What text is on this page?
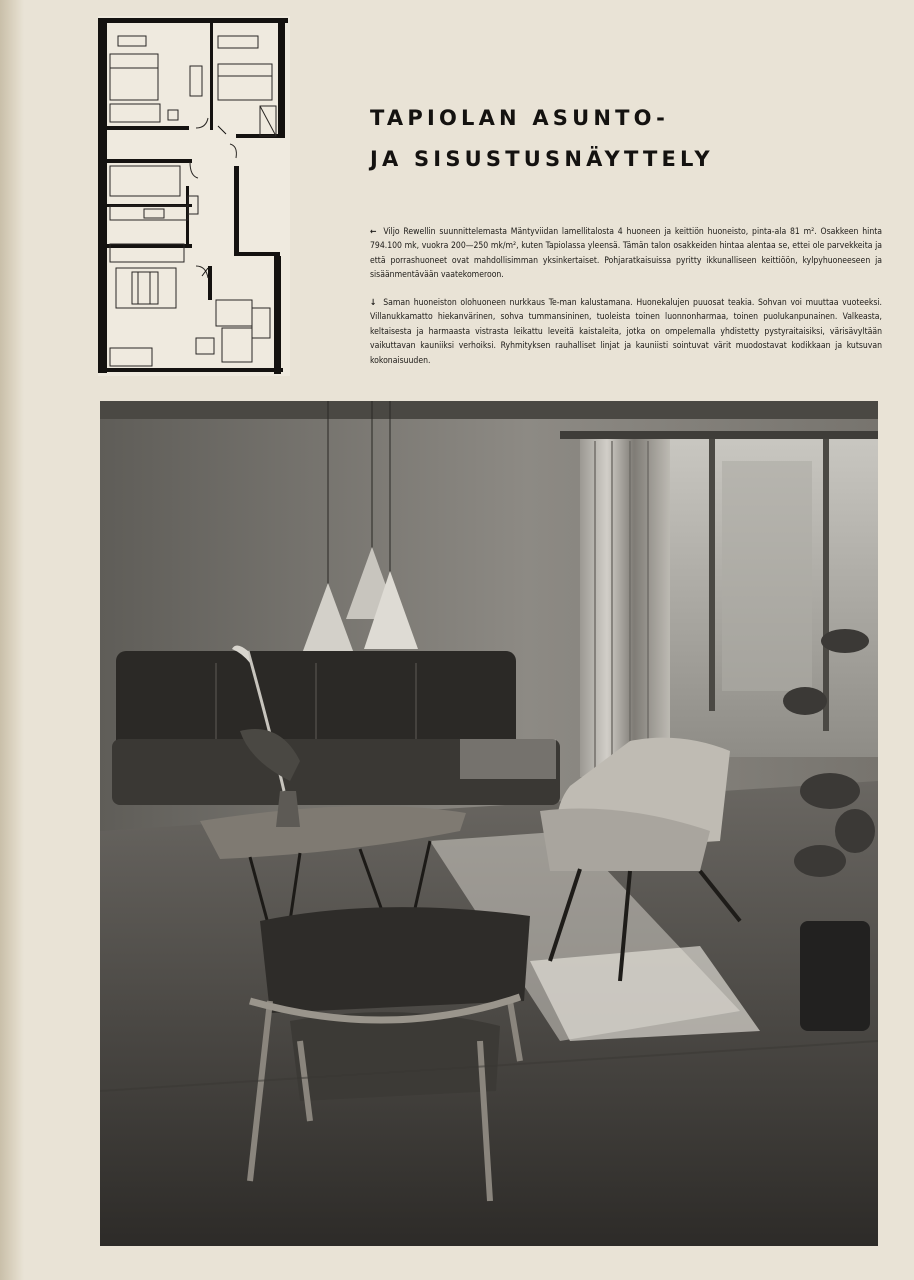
TAPIOLAN ASUNTO-
JA SISUSTUSNÄYTTELY
← Viljo Rewellin suunnittelemasta Mäntyviidan lamellitalosta 4 huoneen ja keittiön huoneisto, pinta-ala 81 m². Osakkeen hinta 794.100 mk, vuokra 200—250 mk/m², kuten Tapiolassa yleensä. Tämän talon osakkeiden hintaa alentaa se, ettei ole parvekkeita ja että porrashuoneet ovat mahdollisimman yksinkertaiset. Pohjaratkaisuissa pyritty ikkunalliseen keittiöön, kylpyhuoneeseen ja sisäänmentävään vaatekomeroon.
↓ Saman huoneiston olohuoneen nurkkaus Te-man kalustamana. Huonekalujen puuosat teakia. Sohvan voi muuttaa vuoteeksi. Villanukkamatto hiekanvärinen, sohva tummansininen, tuoleista toinen luonnonharmaa, toinen puolukanpunainen. Valkeasta, keltaisesta ja harmaasta vistrasta leikattu leveitä kaistaleita, jotka on ompelemalla yhdistetty pystyraitaisiksi, värisävyltään vaikuttavan kauniiksi verhoiksi. Ryhmityksen rauhalliset linjat ja kauniisti sointuvat värit muodostavat kodikkaan ja kutsuvan kokonaisuuden.
